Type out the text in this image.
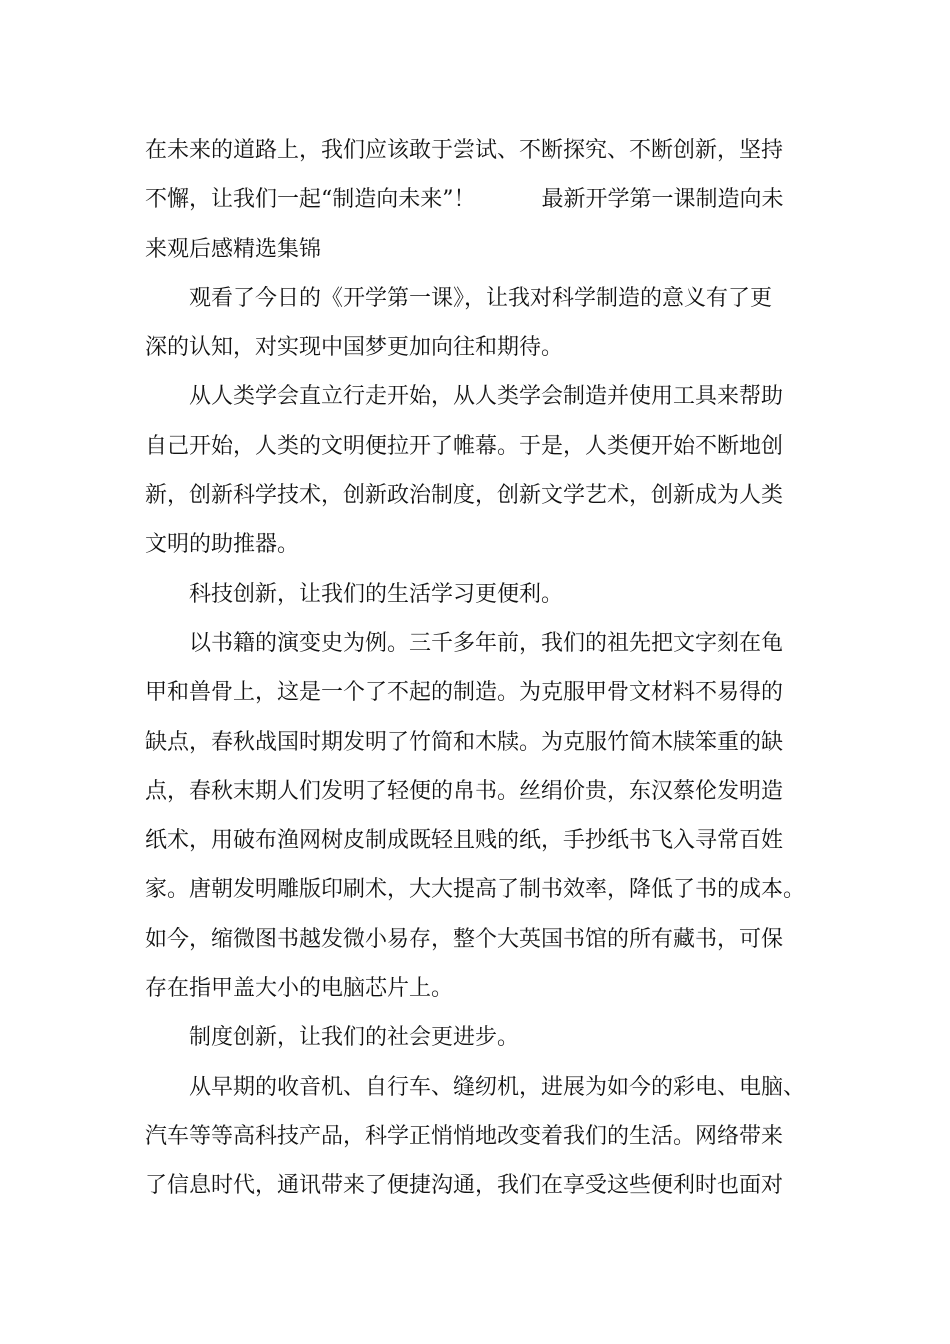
在未来的道路上，我们应该敢于尝试、不断探究、不断创新，坚持
不懈，让我们一起“制造向未来”！　　　最新开学第一课制造向未
来观后感精选集锦
观看了今日的《开学第一课》，让我对科学制造的意义有了更
深的认知，对实现中国梦更加向往和期待。
从人类学会直立行走开始，从人类学会制造并使用工具来帮助
自己开始，人类的文明便拉开了帷幕。于是，人类便开始不断地创
新，创新科学技术，创新政治制度，创新文学艺术，创新成为人类
文明的助推器。
科技创新，让我们的生活学习更便利。
以书籍的演变史为例。三千多年前，我们的祖先把文字刻在龟
甲和兽骨上，这是一个了不起的制造。为克服甲骨文材料不易得的
缺点，春秋战国时期发明了竹简和木牍。为克服竹简木牍笨重的缺
点，春秋末期人们发明了轻便的帛书。丝绢价贵，东汉蔡伦发明造
纸术，用破布渔网树皮制成既轻且贱的纸，手抄纸书飞入寻常百姓
家。唐朝发明雕版印刷术，大大提高了制书效率，降低了书的成本。
如今，缩微图书越发微小易存，整个大英国书馆的所有藏书，可保
存在指甲盖大小的电脑芯片上。
制度创新，让我们的社会更进步。
从早期的收音机、自行车、缝纫机，进展为如今的彩电、电脑、
汽车等等高科技产品，科学正悄悄地改变着我们的生活。网络带来
了信息时代，通讯带来了便捷沟通，我们在享受这些便利时也面对
